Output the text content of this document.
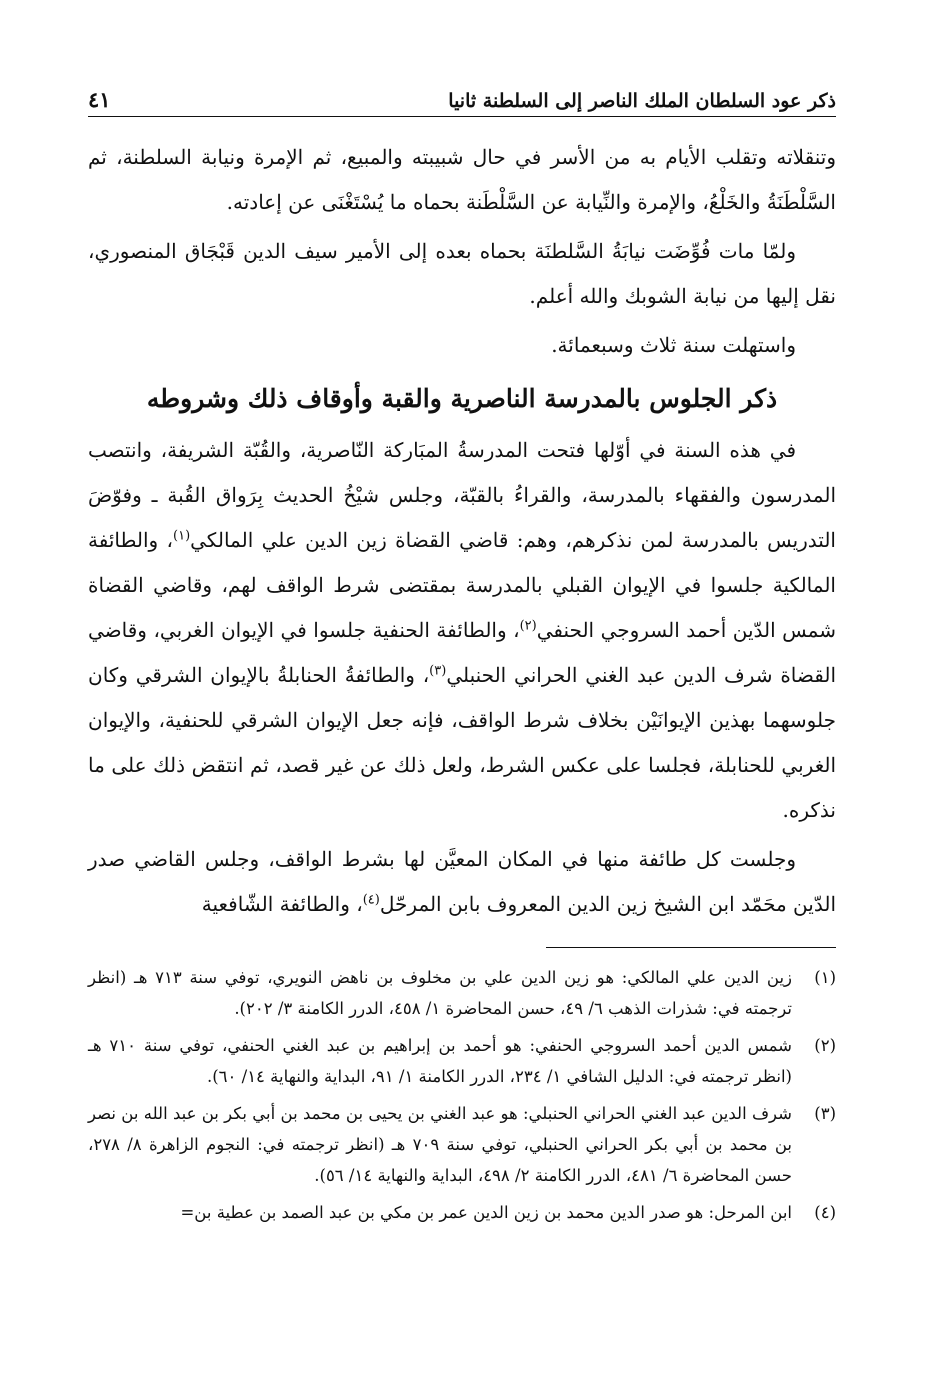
ذكر عود السلطان الملك الناصر إلى السلطنة ثانيا
٤١

وتنقلاته وتقلب الأيام به من الأسر في حال شبيبته والمبيع، ثم الإمرة ونيابة السلطنة، ثم السَّلْطَنَةُ والخَلْعُ، والإمرة والنِّيابة عن السَّلْطَنة بحماه ما يُسْتَغْنَى عن إعادته.

ولمّا مات فُوِّضَت نيابَةُ السَّلطنَة بحماه بعده إلى الأمير سيف الدين قَبْجَاق المنصوري، نقل إليها من نيابة الشوبك والله أعلم.

واستهلت سنة ثلاث وسبعمائة.

ذكر الجلوس بالمدرسة الناصرية والقبة وأوقاف ذلك وشروطه

في هذه السنة في أوّلها فتحت المدرسةُ المبَاركة النّاصرية، والقُبّة الشريفة، وانتصب المدرسون والفقهاء بالمدرسة، والقراءُ بالقبّة، وجلس شيْخُ الحديث بِرَواق القُبة ـ وفوّضَ التدريس بالمدرسة لمن نذكرهم، وهم: قاضي القضاة زين الدين علي المالكي$^{(١)}$، والطائفة المالكية جلسوا في الإيوان القبلي بالمدرسة بمقتضى شرط الواقف لهم، وقاضي القضاة شمس الدّين أحمد السروجي الحنفي$^{(٢)}$، والطائفة الحنفية جلسوا في الإيوان الغربي، وقاضي القضاة شرف الدين عبد الغني الحراني الحنبلي$^{(٣)}$، والطائفةُ الحنابلةُ بالإيوان الشرقي وكان جلوسهما بهذين الإيوانَيْن بخلاف شرط الواقف، فإنه جعل الإيوان الشرقي للحنفية، والإيوان الغربي للحنابلة، فجلسا على عكس الشرط، ولعل ذلك عن غير قصد، ثم انتقض ذلك على ما نذكره.

وجلست كل طائفة منها في المكان المعيَّن لها بشرط الواقف، وجلس القاضي صدر الدّين محَمّد ابن الشيخ زين الدين المعروف بابن المرحّل$^{(٤)}$، والطائفة الشّافعية

(١)
زين الدين علي المالكي: هو زين الدين علي بن مخلوف بن ناهض النويري، توفي سنة ٧١٣ هـ (انظر ترجمته في: شذرات الذهب ٦/ ٤٩، حسن المحاضرة ١/ ٤٥٨، الدرر الكامنة ٣/ ٢٠٢).
(٢)
شمس الدين أحمد السروجي الحنفي: هو أحمد بن إبراهيم بن عبد الغني الحنفي، توفي سنة ٧١٠ هـ (انظر ترجمته في: الدليل الشافي ١/ ٢٣٤، الدرر الكامنة ١/ ٩١، البداية والنهاية ١٤/ ٦٠).
(٣)
شرف الدين عبد الغني الحراني الحنبلي: هو عبد الغني بن يحيى بن محمد بن أبي بكر بن عبد الله بن نصر بن محمد بن أبي بكر الحراني الحنبلي، توفي سنة ٧٠٩ هـ (انظر ترجمته في: النجوم الزاهرة ٨/ ٢٧٨، حسن المحاضرة ٦/ ٤٨١، الدرر الكامنة ٢/ ٤٩٨، البداية والنهاية ١٤/ ٥٦).
(٤)
ابن المرحل: هو صدر الدين محمد بن زين الدين عمر بن مكي بن عبد الصمد بن عطية بن=
